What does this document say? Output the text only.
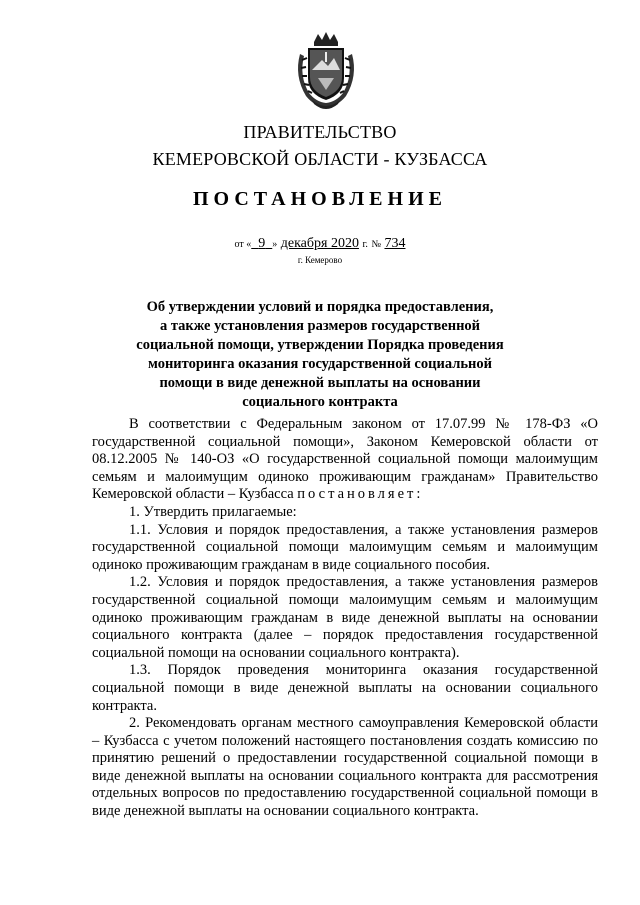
ПРАВИТЕЛЬСТВО
КЕМЕРОВСКОЙ ОБЛАСТИ - КУЗБАССА
ПОСТАНОВЛЕНИЕ
от « 9 » декабря 2020 г. № 734
г. Кемерово
Об утверждении условий и порядка предоставления,
а также установления размеров государственной
социальной помощи, утверждении Порядка проведения
мониторинга оказания государственной социальной
помощи в виде денежной выплаты на основании
социального контракта

В соответствии с Федеральным законом от 17.07.99 № 178-ФЗ «О государственной социальной помощи», Законом Кемеровской области от 08.12.2005 № 140-ОЗ «О государственной социальной помощи малоимущим семьям и малоимущим одиноко проживающим гражданам» Правительство Кемеровской области – Кузбасса постановляет:

1. Утвердить прилагаемые:

1.1. Условия и порядок предоставления, а также установления размеров государственной социальной помощи малоимущим семьям и малоимущим одиноко проживающим гражданам в виде социального пособия.

1.2. Условия и порядок предоставления, а также установления размеров государственной социальной помощи малоимущим семьям и малоимущим одиноко проживающим гражданам в виде денежной выплаты на основании социального контракта (далее – порядок предоставления государственной социальной помощи на основании социального контракта).

1.3. Порядок проведения мониторинга оказания государственной социальной помощи в виде денежной выплаты на основании социального контракта.

2. Рекомендовать органам местного самоуправления Кемеровской области – Кузбасса с учетом положений настоящего постановления создать комиссию по принятию решений о предоставлении государственной социальной помощи в виде денежной выплаты на основании социального контракта для рассмотрения отдельных вопросов по предоставлению государственной социальной помощи в виде денежной выплаты на основании социального контракта.
